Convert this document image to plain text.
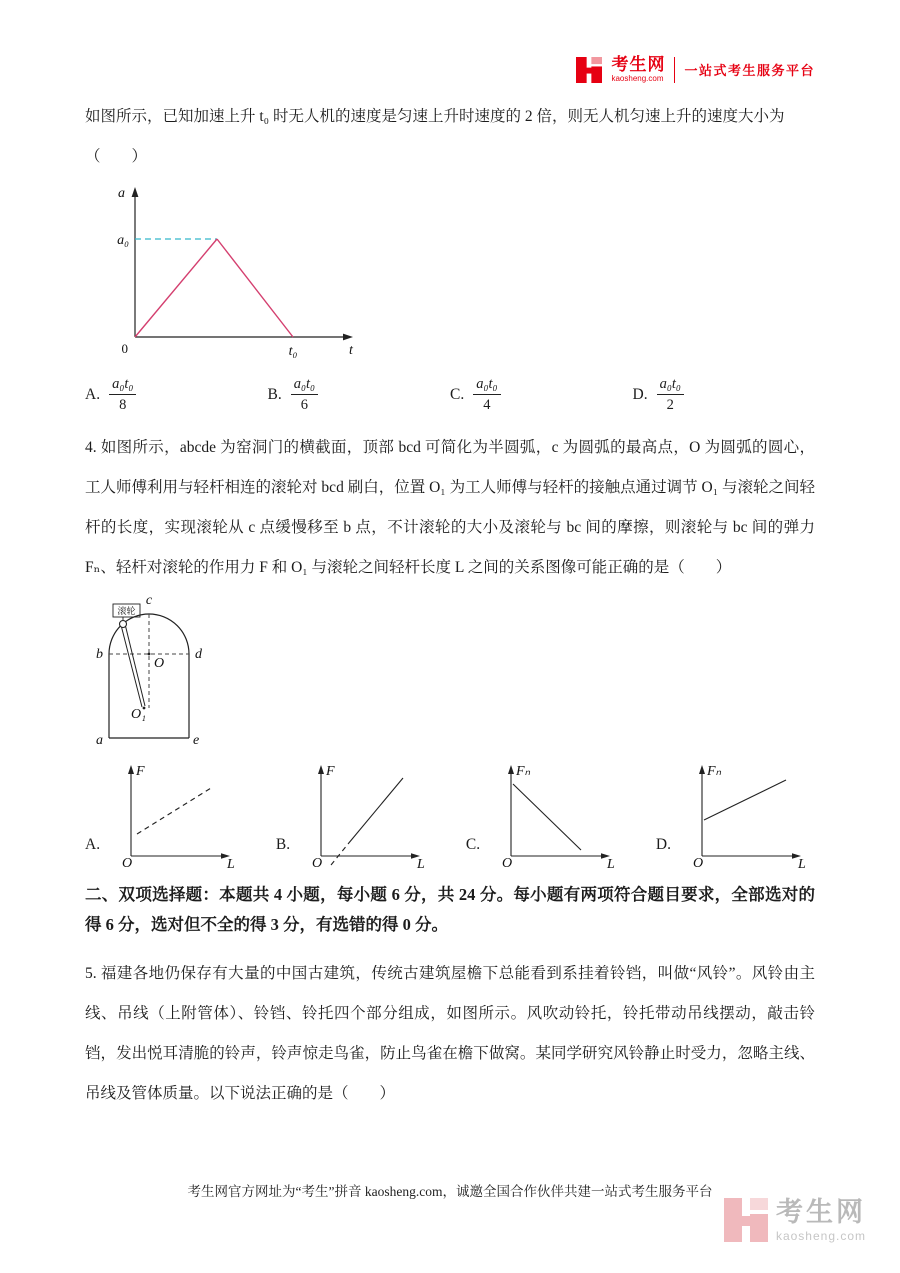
考生网
kaosheng.com
一站式考生服务平台
如图所示，已知加速上升 t₀ 时无人机的速度是匀速上升时速度的 2 倍，则无人机匀速上升的速度大小为
（　　）
a
a₀
0	t₀	t
A. $\frac{\text{a₀t₀}}{8}$	B. $\frac{\text{a₀t₀}}{6}$	C. $\frac{\text{a₀t₀}}{4}$	D. $\frac{\text{a₀t₀}}{2}$
4. 如图所示，abcde 为窑洞门的横截面，顶部 bcd 可简化为半圆弧，c 为圆弧的最高点，O 为圆弧的圆心，工人师傅利用与轻杆相连的滚轮对 bcd 刷白，位置 O₁ 为工人师傅与轻杆的接触点通过调节 O₁ 与滚轮之间轻杆的长度，实现滚轮从 c 点缓慢移至 b 点，不计滚轮的大小及滚轮与 bc 间的摩擦，则滚轮与 bc 间的弹力 Fₙ、轻杆对滚轮的作用力 F 和 O₁ 与滚轮之间轻杆长度 L 之间的关系图像可能正确的是（　　）
滚轮
c
b	d
a	e
O
O₁
A.
F
O	L
B.
F
O	L
C.
Fₙ
O	L
D.
Fₙ
O	L
二、双项选择题：本题共 4 小题，每小题 6 分，共 24 分。每小题有两项符合题目要求，全部选对的得 6 分，选对但不全的得 3 分，有选错的得 0 分。
5. 福建各地仍保存有大量的中国古建筑，传统古建筑屋檐下总能看到系挂着铃铛，叫做“风铃”。风铃由主线、吊线（上附管体）、铃铛、铃托四个部分组成，如图所示。风吹动铃托，铃托带动吊线摆动，敲击铃铛，发出悦耳清脆的铃声，铃声惊走鸟雀，防止鸟雀在檐下做窝。某同学研究风铃静止时受力，忽略主线、吊线及管体质量。以下说法正确的是（　　）
考生网官方网址为“考生”拼音 kaosheng.com，诚邀全国合作伙伴共建一站式考生服务平台
考生网
kaosheng.com
